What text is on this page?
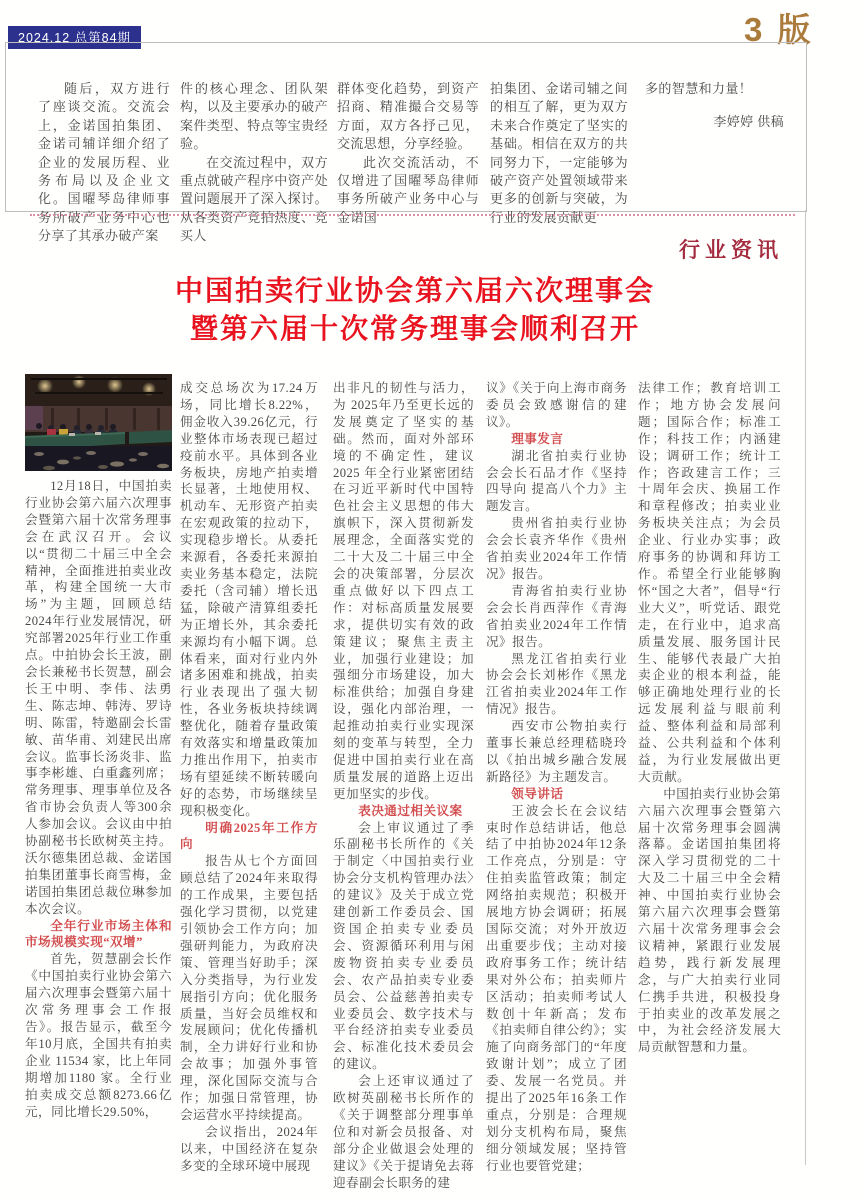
2024.12 总第84期	3 版
随后，双方进行了座谈交流。交流会上，金诺国拍集团、金诺司辅详细介绍了企业的发展历程、业务布局以及企业文化。国曜琴岛律师事务所破产业务中心也分享了其承办破产案
件的核心理念、团队架构，以及主要承办的破产案件类型、特点等宝贵经验。
在交流过程中，双方重点就破产程序中资产处置问题展开了深入探讨。从各类资产竞拍热度、竞买人
群体变化趋势，到资产招商、精准撮合交易等方面，双方各抒己见，交流思想，分享经验。
此次交流活动，不仅增进了国曜琴岛律师事务所破产业务中心与金诺国
拍集团、金诺司辅之间的相互了解，更为双方未来合作奠定了坚实的基础。相信在双方的共同努力下，一定能够为破产资产处置领域带来更多的创新与突破，为行业的发展贡献更
多的智慧和力量！
李婷婷 供稿
行业资讯
中国拍卖行业协会第六届六次理事会
暨第六届十次常务理事会顺利召开
12月18日，中国拍卖行业协会第六届六次理事会暨第六届十次常务理事会在武汉召开。会议以“贯彻二十届三中全会精神，全面推进拍卖业改革，构建全国统一大市场”为主题，回顾总结2024年行业发展情况，研究部署2025年行业工作重点。中拍协会长王波，副会长兼秘书长贺慧，副会长王中明、李伟、法勇生、陈志坤、韩涛、罗诗明、陈雷，特邀副会长雷敏、苗华甫、刘建民出席会议。监事长汤炎非、监事李彬雄、白重鑫列席；常务理事、理事单位及各省市协会负责人等300余人参加会议。会议由中拍协副秘书长欧树英主持。沃尔德集团总裁、金诺国拍集团董事长商雪梅，金诺国拍集团总裁位琳参加本次会议。
全年行业市场主体和市场规模实现“双增”
首先，贺慧副会长作《中国拍卖行业协会第六届六次理事会暨第六届十次常务理事会工作报告》。报告显示，截至今年10月底，全国共有拍卖企业 11534 家，比上年同期增加1180 家。全行业拍卖成交总额8273.66亿元，同比增长29.50%，
成交总场次为17.24万场，同比增长8.22%，佣金收入39.26亿元，行业整体市场表现已超过疫前水平。具体到各业务板块，房地产拍卖增长显著，土地使用权、机动车、无形资产拍卖在宏观政策的拉动下，实现稳步增长。从委托来源看，各委托来源拍卖业务基本稳定，法院委托（含司辅）增长迅猛，除破产清算组委托为正增长外，其余委托来源均有小幅下调。总体看来，面对行业内外诸多困难和挑战，拍卖行业表现出了强大韧性，各业务板块持续调整优化，随着存量政策有效落实和增量政策加力推出作用下，拍卖市场有望延续不断转暖向好的态势，市场继续呈现积极变化。
明确2025年工作方向
报告从七个方面回顾总结了2024年来取得的工作成果，主要包括强化学习贯彻，以党建引领协会工作方向；加强研判能力，为政府决策、管理当好助手；深入分类指导，为行业发展指引方向；优化服务质量，当好会员维权和发展顾问；优化传播机制，全力讲好行业和协会故事；加强外事管理，深化国际交流与合作；加强日常管理，协会运营水平持续提高。
会议指出，2024年以来，中国经济在复杂多变的全球环境中展现
出非凡的韧性与活力，为 2025年乃至更长远的发展奠定了坚实的基础。然而，面对外部环境的不确定性，建议2025 年全行业紧密团结在习近平新时代中国特色社会主义思想的伟大旗帜下，深入贯彻新发展理念，全面落实党的二十大及二十届三中全会的决策部署，分层次重点做好以下四点工作：对标高质量发展要求，提供切实有效的政策建议；聚焦主责主业，加强行业建设；加强细分市场建设，加大标准供给；加强自身建设，强化内部治理，一起推动拍卖行业实现深刻的变革与转型，全力促进中国拍卖行业在高质量发展的道路上迈出更加坚实的步伐。
表决通过相关议案
会上审议通过了季乐副秘书长所作的《关于制定〈中国拍卖行业协会分支机构管理办法〉的建议》及关于成立党建创新工作委员会、国资国企拍卖专业委员会、资源循环利用与闲废物资拍卖专业委员会、农产品拍卖专业委员会、公益慈善拍卖专业委员会、数字技术与平台经济拍卖专业委员会、标准化技术委员会的建议。
会上还审议通过了欧树英副秘书长所作的《关于调整部分理事单位和对新会员报备、对部分企业做退会处理的建议》《关于提请免去蒋迎春副会长职务的建
议》《关于向上海市商务委员会致感谢信的建议》。
理事发言
湖北省拍卖行业协会会长石品才作《坚持四导向 提高八个力》主题发言。
贵州省拍卖行业协会会长袁齐华作《贵州省拍卖业2024年工作情况》报告。
青海省拍卖行业协会会长肖西萍作《青海省拍卖业2024年工作情况》报告。
黑龙江省拍卖行业协会会长刘彬作《黑龙江省拍卖业2024年工作情况》报告。
西安市公物拍卖行董事长兼总经理嵇晓玲以《拍出城乡融合发展新路径》为主题发言。
领导讲话
王波会长在会议结束时作总结讲话，他总结了中拍协2024年12条工作亮点，分别是：守住拍卖监管政策；制定网络拍卖规范；积极开展地方协会调研；拓展国际交流；对外开放迈出重要步伐；主动对接政府事务工作；统计结果对外公布；拍卖师片区活动；拍卖师考试人数创十年新高；发布《拍卖师自律公约》；实施了向商务部门的“年度致谢计划”；成立了团委、发展一名党员。并提出了2025年16条工作重点，分别是：合理规划分支机构布局，聚焦细分领域发展；坚持管行业也要管党建；
法律工作；教育培训工作；地方协会发展问题；国际合作；标准工作；科技工作；内涵建设；调研工作；统计工作；咨政建言工作；三十周年会庆、换届工作和章程修改；拍卖业业务板块关注点；为会员企业、行业办实事；政府事务的协调和拜访工作。希望全行业能够胸怀“国之大者”，倡导“行业大义”，听党话、跟党走，在行业中，追求高质量发展、服务国计民生、能够代表最广大拍卖企业的根本利益，能够正确地处理行业的长远发展利益与眼前利益、整体利益和局部利益、公共利益和个体利益，为行业发展做出更大贡献。
中国拍卖行业协会第六届六次理事会暨第六届十次常务理事会圆满落幕。金诺国拍集团将深入学习贯彻党的二十大及二十届三中全会精神、中国拍卖行业协会第六届六次理事会暨第六届十次常务理事会会议精神，紧跟行业发展趋势，践行新发展理念，与广大拍卖行业同仁携手共进，积极投身于拍卖业的改革发展之中，为社会经济发展大局贡献智慧和力量。
